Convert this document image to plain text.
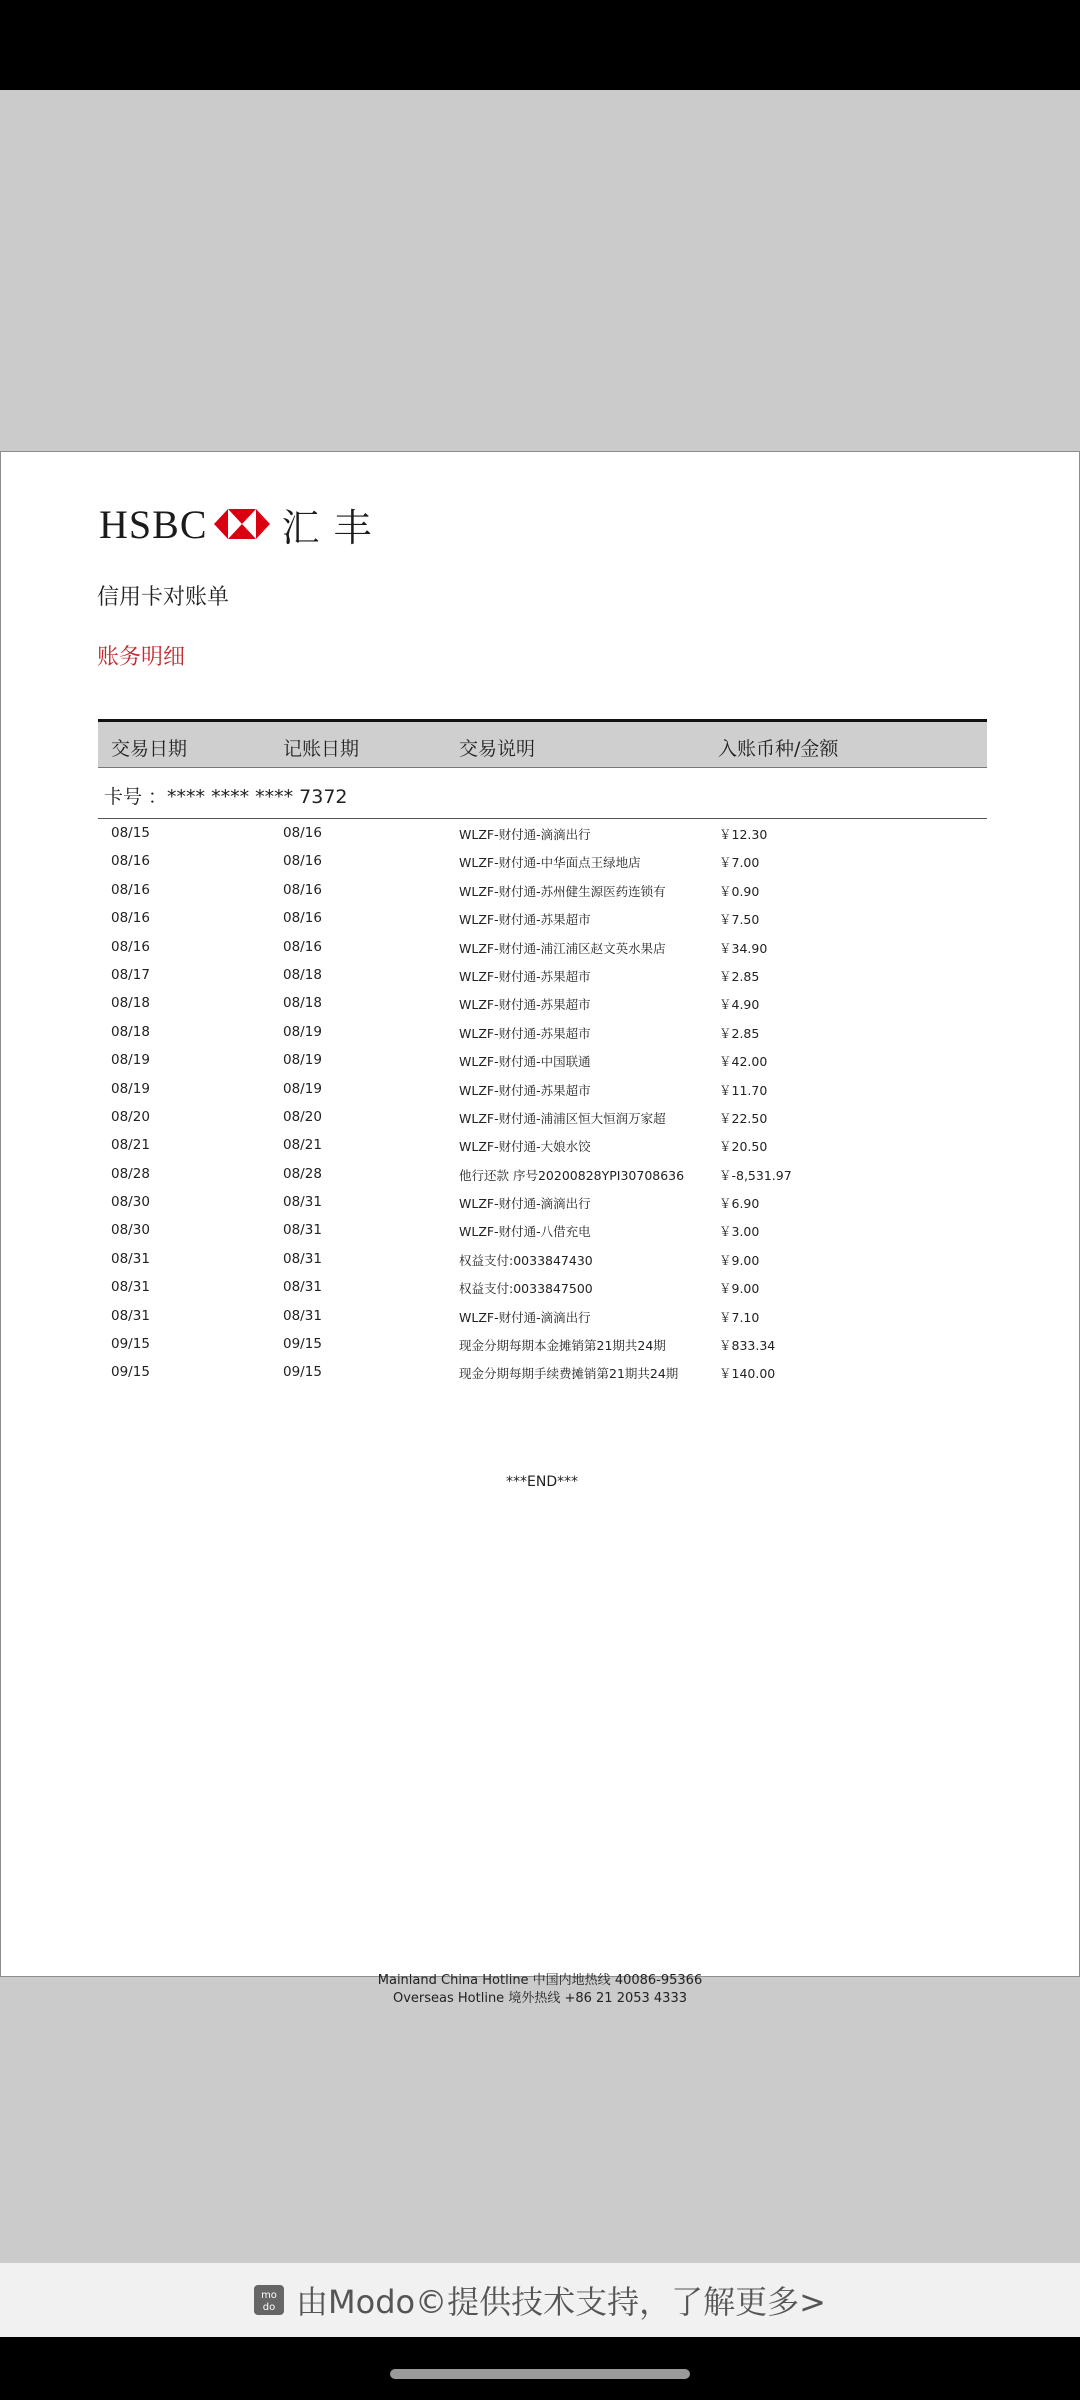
HSBC 汇丰
信用卡对账单
账务明细
交易日期	记账日期	交易说明	入账币种/金额
卡号 ：**** **** **** 7372
08/15	08/16	WLZF-财付通-滴滴出行	￥12.30
08/16	08/16	WLZF-财付通-中华面点王绿地店	￥7.00
08/16	08/16	WLZF-财付通-苏州健生源医药连锁有	￥0.90
08/16	08/16	WLZF-财付通-苏果超市	￥7.50
08/16	08/16	WLZF-财付通-浦江浦区赵文英水果店	￥34.90
08/17	08/18	WLZF-财付通-苏果超市	￥2.85
08/18	08/18	WLZF-财付通-苏果超市	￥4.90
08/18	08/19	WLZF-财付通-苏果超市	￥2.85
08/19	08/19	WLZF-财付通-中国联通	￥42.00
08/19	08/19	WLZF-财付通-苏果超市	￥11.70
08/20	08/20	WLZF-财付通-浦浦区恒大恒润万家超	￥22.50
08/21	08/21	WLZF-财付通-大娘水饺	￥20.50
08/28	08/28	他行还款 序号20200828YPI30708636	￥-8,531.97
08/30	08/31	WLZF-财付通-滴滴出行	￥6.90
08/30	08/31	WLZF-财付通-八借充电	￥3.00
08/31	08/31	权益支付:0033847430	￥9.00
08/31	08/31	权益支付:0033847500	￥9.00
08/31	08/31	WLZF-财付通-滴滴出行	￥7.10
09/15	09/15	现金分期每期本金摊销第21期共24期	￥833.34
09/15	09/15	现金分期每期手续费摊销第21期共24期	￥140.00
***END***
Mainland China Hotline 中国内地热线 40086-95366
Overseas Hotline 境外热线 +86 21 2053 4333
mo
do 由Modo©提供技术支持，了解更多>
